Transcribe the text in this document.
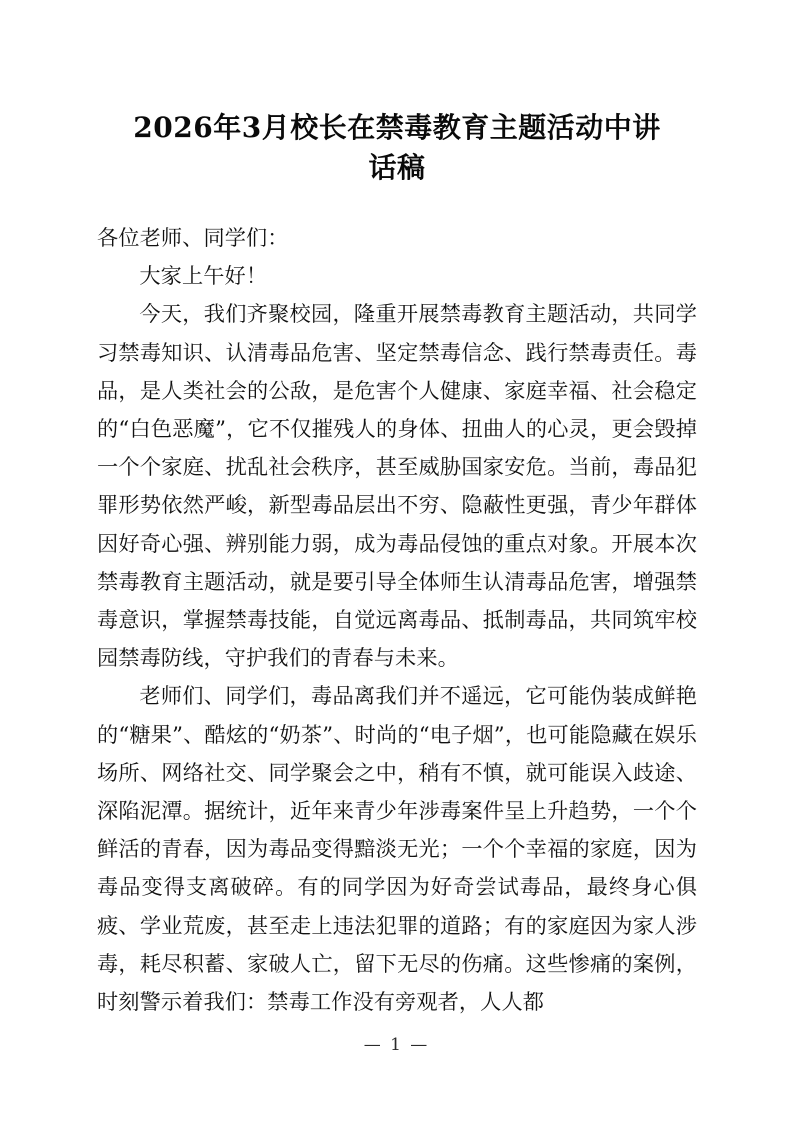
2026年3月校长在禁毒教育主题活动中讲
话稿

各位老师、同学们：

大家上午好！

今天，我们齐聚校园，隆重开展禁毒教育主题活动，共同学习禁毒知识、认清毒品危害、坚定禁毒信念、践行禁毒责任。毒品，是人类社会的公敌，是危害个人健康、家庭幸福、社会稳定的“白色恶魔”，它不仅摧残人的身体、扭曲人的心灵，更会毁掉一个个家庭、扰乱社会秩序，甚至威胁国家安危。当前，毒品犯罪形势依然严峻，新型毒品层出不穷、隐蔽性更强，青少年群体因好奇心强、辨别能力弱，成为毒品侵蚀的重点对象。开展本次禁毒教育主题活动，就是要引导全体师生认清毒品危害，增强禁毒意识，掌握禁毒技能，自觉远离毒品、抵制毒品，共同筑牢校园禁毒防线，守护我们的青春与未来。

老师们、同学们，毒品离我们并不遥远，它可能伪装成鲜艳的“糖果”、酷炫的“奶茶”、时尚的“电子烟”，也可能隐藏在娱乐场所、网络社交、同学聚会之中，稍有不慎，就可能误入歧途、深陷泥潭。据统计，近年来青少年涉毒案件呈上升趋势，一个个鲜活的青春，因为毒品变得黯淡无光；一个个幸福的家庭，因为毒品变得支离破碎。有的同学因为好奇尝试毒品，最终身心俱疲、学业荒废，甚至走上违法犯罪的道路；有的家庭因为家人涉毒，耗尽积蓄、家破人亡，留下无尽的伤痛。这些惨痛的案例，时刻警示着我们：禁毒工作没有旁观者，人人都

— 1 —
